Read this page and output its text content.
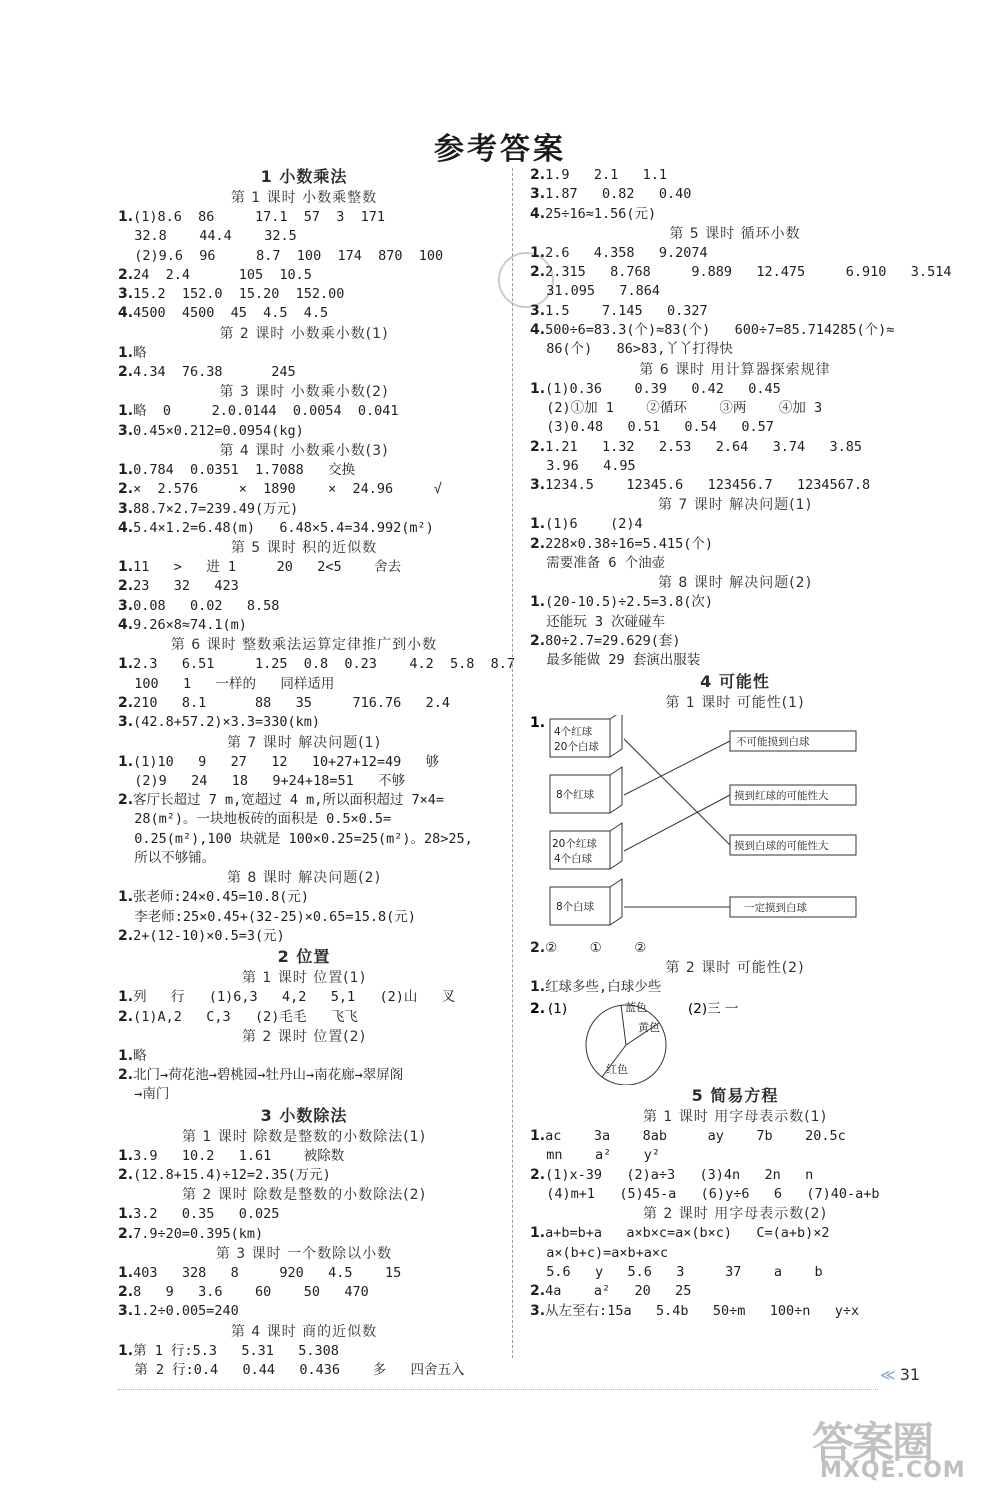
参考答案
1 小数乘法
第 1 课时 小数乘整数
1.(1)8.6  86     17.1  57  3  171
32.8    44.4    32.5
(2)9.6  96     8.7  100  174  870  100
2.24  2.4      105  10.5
3.15.2  152.0  15.20  152.00
4.4500  4500  45  4.5  4.5
第 2 课时 小数乘小数(1)
1.略
2.4.34  76.38      245
第 3 课时 小数乘小数(2)
1.略  0     2.0.0144  0.0054  0.041
3.0.45×0.212=0.0954(kg)
第 4 课时 小数乘小数(3)
1.0.784  0.0351  1.7088   交换
2.×  2.576     ×  1890    ×  24.96     √
3.88.7×2.7=239.49(万元)
4.5.4×1.2=6.48(m)   6.48×5.4=34.992(m²)
第 5 课时 积的近似数
1.11   >   进 1     20   2<5    舍去
2.23   32   423
3.0.08   0.02   8.58
4.9.26×8≈74.1(m)
第 6 课时 整数乘法运算定律推广到小数
1.2.3   6.51     1.25  0.8  0.23    4.2  5.8  8.7
100   1   一样的   同样适用
2.210   8.1      88   35     716.76   2.4
3.(42.8+57.2)×3.3=330(km)
第 7 课时 解决问题(1)
1.(1)10   9   27   12   10+27+12=49   够
(2)9   24   18   9+24+18=51   不够
2.客厅长超过 7 m,宽超过 4 m,所以面积超过 7×4=
28(m²)。一块地板砖的面积是 0.5×0.5=
0.25(m²),100 块就是 100×0.25=25(m²)。28>25,
所以不够铺。
第 8 课时 解决问题(2)
1.张老师:24×0.45=10.8(元)
李老师:25×0.45+(32-25)×0.65=15.8(元)
2.2+(12-10)×0.5=3(元)
2 位置
第 1 课时 位置(1)
1.列   行   (1)6,3   4,2   5,1   (2)山   叉
2.(1)A,2   C,3   (2)毛毛   飞飞
第 2 课时 位置(2)
1.略
2.北门→荷花池→碧桃园→牡丹山→南花廊→翠屏阁
→南门
3 小数除法
第 1 课时 除数是整数的小数除法(1)
1.3.9   10.2   1.61    被除数
2.(12.8+15.4)÷12=2.35(万元)
第 2 课时 除数是整数的小数除法(2)
1.3.2   0.35   0.025
2.7.9÷20=0.395(km)
第 3 课时 一个数除以小数
1.403   328   8     920   4.5    15
2.8   9   3.6    60    50   470
3.1.2÷0.005=240
第 4 课时 商的近似数
1.第 1 行:5.3   5.31   5.308
第 2 行:0.4   0.44   0.436    多   四舍五入
2.1.9   2.1   1.1
3.1.87   0.82   0.40
4.25÷16≈1.56(元)
第 5 课时 循环小数
1.2.6   4.358   9.2074
2.2.315   8.768     9.889   12.475     6.910   3.514
31.095   7.864
3.1.5    7.145   0.327
4.500÷6=83.3(个)≈83(个)   600÷7=85.714285(个)≈
86(个)   86>83,丫丫打得快
第 6 课时 用计算器探索规律
1.(1)0.36    0.39   0.42   0.45
(2)①加 1    ②循环    ③两    ④加 3
(3)0.48   0.51   0.54   0.57
2.1.21   1.32   2.53   2.64   3.74   3.85
3.96   4.95
3.1234.5    12345.6   123456.7   1234567.8
第 7 课时 解决问题(1)
1.(1)6    (2)4
2.228×0.38÷16=5.415(个)
需要准备 6 个油壶
第 8 课时 解决问题(2)
1.(20-10.5)÷2.5=3.8(次)
还能玩 3 次碰碰车
2.80÷2.7=29.629(套)
最多能做 29 套演出服装
4 可能性
第 1 课时 可能性(1)
1.
4个红球
20个白球
8个红球
20个红球
4个白球
8个白球
不可能摸到白球
摸到红球的可能性大
摸到白球的可能性大
一定摸到白球
2.②    ①    ②
第 2 课时 可能性(2)
1.红球多些,白球少些
2. (1)	(2)三 一
蓝色
黄色
红色
5 简易方程
第 1 课时 用字母表示数(1)
1.ac    3a    8ab     ay    7b    20.5c
mn    a²    y²
2.(1)x-39   (2)a÷3   (3)4n   2n   n
(4)m+1   (5)45-a   (6)y÷6   6   (7)40-a+b
第 2 课时 用字母表示数(2)
1.a+b=b+a   a×b×c=a×(b×c)   C=(a+b)×2
a×(b+c)=a×b+a×c
5.6   y   5.6   3     37    a    b
2.4a    a²   20   25
3.从左至右:15a   5.4b   50÷m   100÷n   y÷x
≪ 31
答案圈
MXQE.COM
